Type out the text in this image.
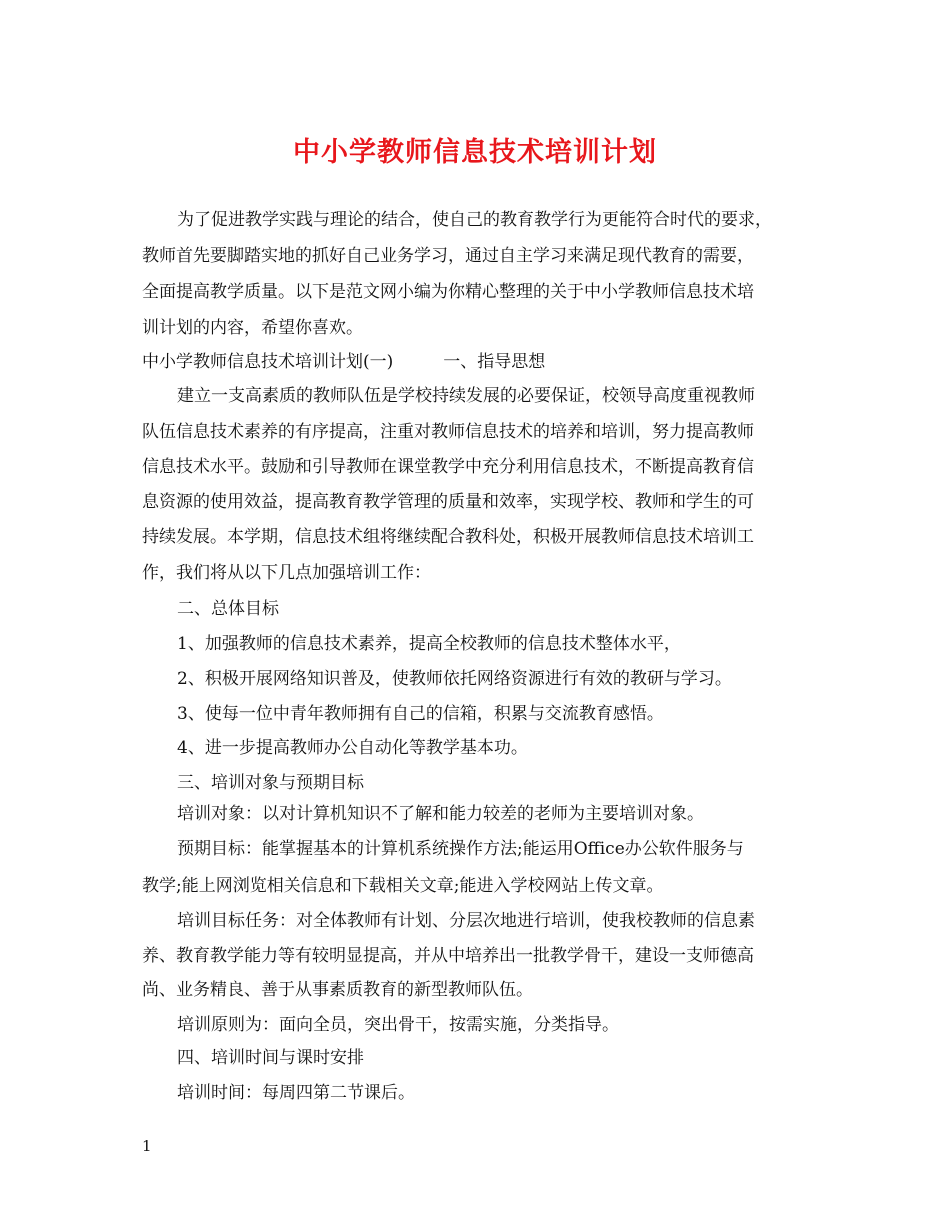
中小学教师信息技术培训计划
为了促进教学实践与理论的结合，使自己的教育教学行为更能符合时代的要求，
教师首先要脚踏实地的抓好自己业务学习，通过自主学习来满足现代教育的需要，
全面提高教学质量。以下是范文网小编为你精心整理的关于中小学教师信息技术培
训计划的内容，希望你喜欢。
中小学教师信息技术培训计划(一)	一、指导思想
建立一支高素质的教师队伍是学校持续发展的必要保证，校领导高度重视教师
队伍信息技术素养的有序提高，注重对教师信息技术的培养和培训，努力提高教师
信息技术水平。鼓励和引导教师在课堂教学中充分利用信息技术，不断提高教育信
息资源的使用效益，提高教育教学管理的质量和效率，实现学校、教师和学生的可
持续发展。本学期，信息技术组将继续配合教科处，积极开展教师信息技术培训工
作，我们将从以下几点加强培训工作：
二、总体目标
1、加强教师的信息技术素养，提高全校教师的信息技术整体水平，
2、积极开展网络知识普及，使教师依托网络资源进行有效的教研与学习。
3、使每一位中青年教师拥有自己的信箱，积累与交流教育感悟。
4、进一步提高教师办公自动化等教学基本功。
三、培训对象与预期目标
培训对象：以对计算机知识不了解和能力较差的老师为主要培训对象。
预期目标：能掌握基本的计算机系统操作方法;能运用Office办公软件服务与
教学;能上网浏览相关信息和下载相关文章;能进入学校网站上传文章。
培训目标任务：对全体教师有计划、分层次地进行培训，使我校教师的信息素
养、教育教学能力等有较明显提高，并从中培养出一批教学骨干，建设一支师德高
尚、业务精良、善于从事素质教育的新型教师队伍。
培训原则为：面向全员，突出骨干，按需实施，分类指导。
四、培训时间与课时安排
培训时间：每周四第二节课后。
1
